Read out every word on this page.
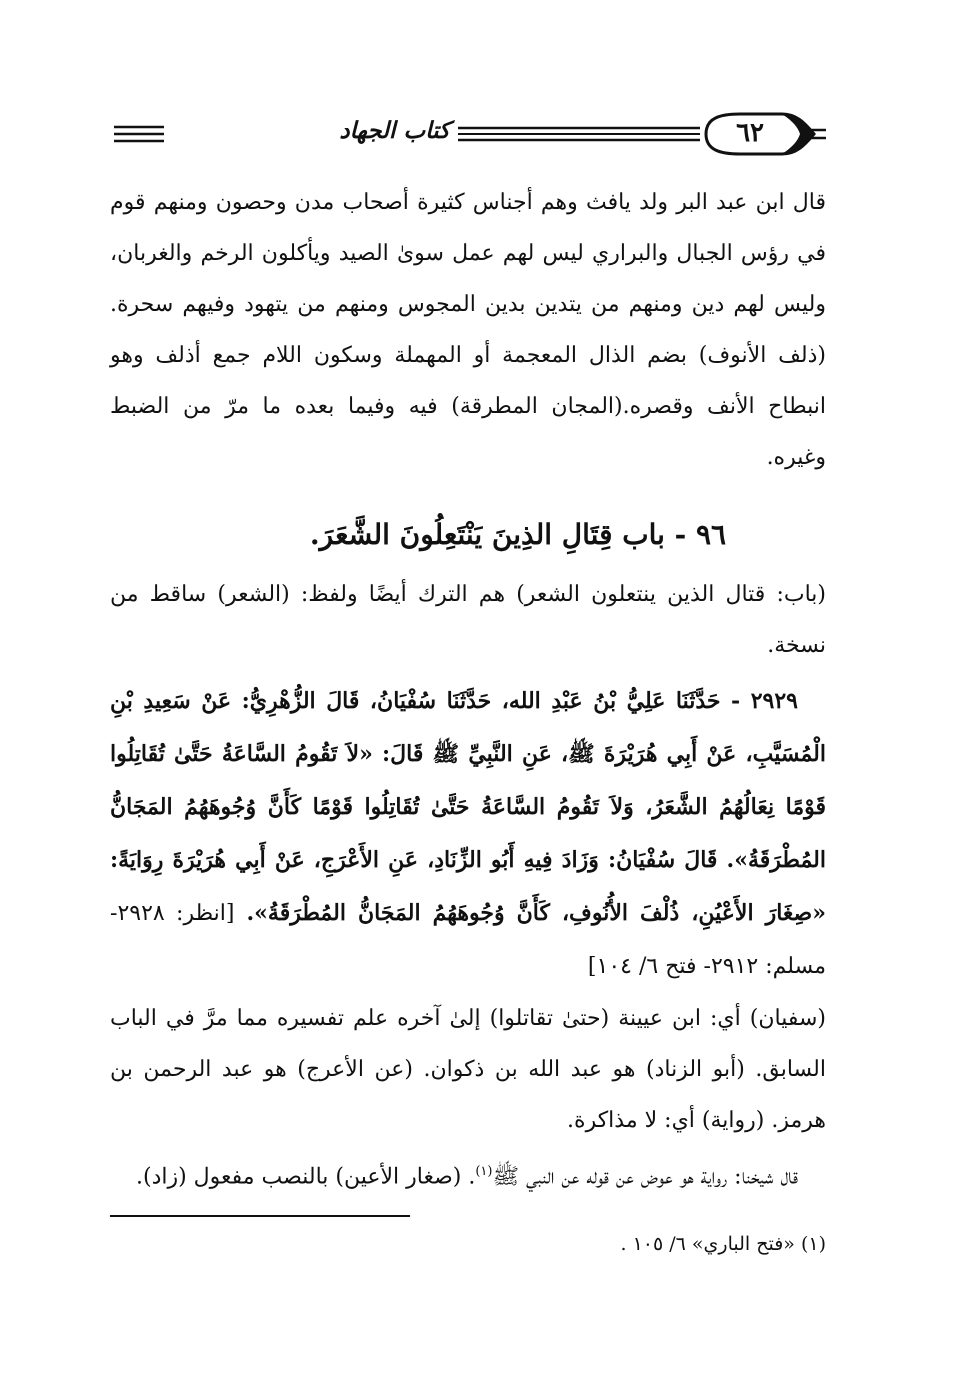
٦٢
كتاب الجهاد

قال ابن عبد البر ولد يافث وهم أجناس كثيرة أصحاب مدن وحصون ومنهم قوم في رؤس الجبال والبراري ليس لهم عمل سوىٰ الصيد ويأكلون الرخم والغربان، وليس لهم دين ومنهم من يتدين بدين المجوس ومنهم من يتهود وفيهم سحرة. (ذلف الأنوف) بضم الذال المعجمة أو المهملة وسكون اللام جمع أذلف وهو انبطاح الأنف وقصره.(المجان المطرقة) فيه وفيما بعده ما مرّ من الضبط وغيره.

٩٦ - باب قِتَالِ الذِينَ يَنْتَعِلُونَ الشَّعَرَ.

(باب: قتال الذين ينتعلون الشعر) هم الترك أيضًا ولفظ: (الشعر) ساقط من نسخة.

٢٩٢٩ - حَدَّثَنَا عَلِيُّ بْنُ عَبْدِ الله، حَدَّثَنَا سُفْيَانُ، قَالَ الزُّهْرِيُّ: عَنْ سَعِيدِ بْنِ الْمُسَيَّبِ، عَنْ أَبِي هُرَيْرَةَ ﷺ، عَنِ النَّبِيِّ ﷺ قَالَ: «لاَ تَقُومُ السَّاعَةُ حَتَّىٰ تُقَاتِلُوا قَوْمًا نِعَالُهُمُ الشَّعَرُ، وَلاَ تَقُومُ السَّاعَةُ حَتَّىٰ تُقَاتِلُوا قَوْمًا كَأَنَّ وُجُوهَهُمُ المَجَانُّ المُطْرَقَةُ». قَالَ سُفْيَانُ: وَزَادَ فِيهِ أَبُو الزِّنَادِ، عَنِ الأَعْرَجِ، عَنْ أَبِي هُرَيْرَةَ رِوَايَةً: «صِغَارَ الأَعْيُنِ، ذُلْفَ الأُنُوفِ، كَأَنَّ وُجُوهَهُمُ المَجَانُّ المُطْرَقَةُ». [انظر: ٢٩٢٨- مسلم: ٢٩١٢- فتح ٦/ ١٠٤]

(سفيان) أي: ابن عيينة (حتىٰ تقاتلوا) إلىٰ آخره علم تفسيره مما مرَّ في الباب السابق. (أبو الزناد) هو عبد الله بن ذكوان. (عن الأعرج) هو عبد الرحمن بن هرمز. (رواية) أي: لا مذاكرة.

قال شيخنا: رواية هو عوض عن قوله عن النبي ﷺ$^{(١)}$. (صغار الأعين) بالنصب مفعول (زاد).

(١) «فتح الباري» ٦/ ١٠٥ .
